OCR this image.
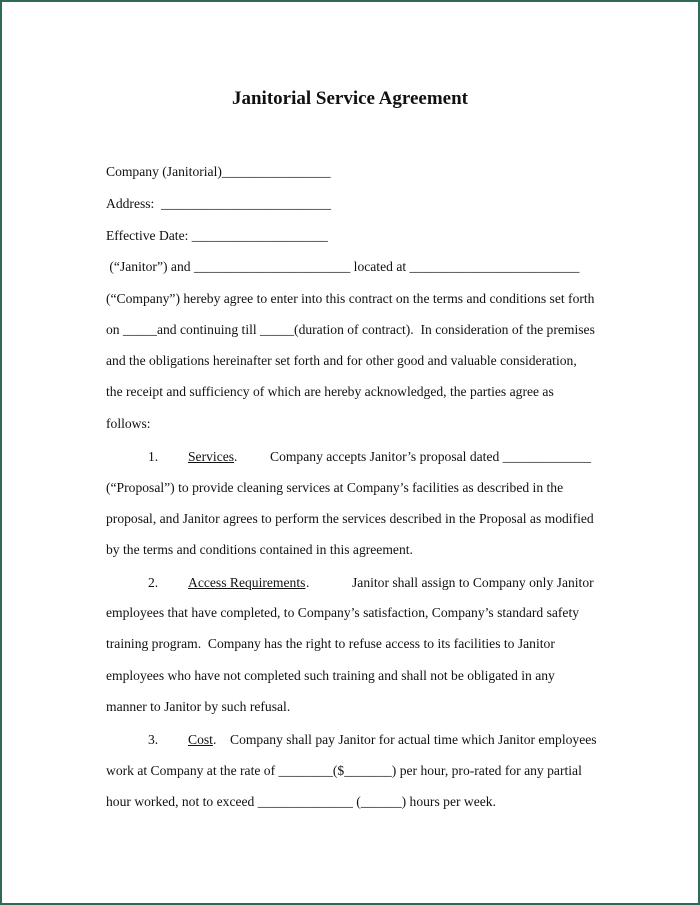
Janitorial Service Agreement
Company (Janitorial)________________
Address:  _________________________
Effective Date: ____________________
(“Janitor”) and _______________________ located at _________________________
(“Company”) hereby agree to enter into this contract on the terms and conditions set forth
on _____and continuing till _____(duration of contract).  In consideration of the premises
and the obligations hereinafter set forth and for other good and valuable consideration,
the receipt and sufficiency of which are hereby acknowledged, the parties agree as
follows:
1. Services . Company accepts Janitor’s proposal dated _____________
(“Proposal”) to provide cleaning services at Company’s facilities as described in the
proposal, and Janitor agrees to perform the services described in the Proposal as modified
by the terms and conditions contained in this agreement.
2. Access Requirements .	Janitor shall assign to Company only Janitor
employees that have completed, to Company’s satisfaction, Company’s standard safety
training program.  Company has the right to refuse access to its facilities to Janitor
employees who have not completed such training and shall not be obligated in any
manner to Janitor by such refusal.
3. Cost . Company shall pay Janitor for actual time which Janitor employees
work at Company at the rate of ________($_______) per hour, pro-rated for any partial
hour worked, not to exceed ______________ (______) hours per week.
